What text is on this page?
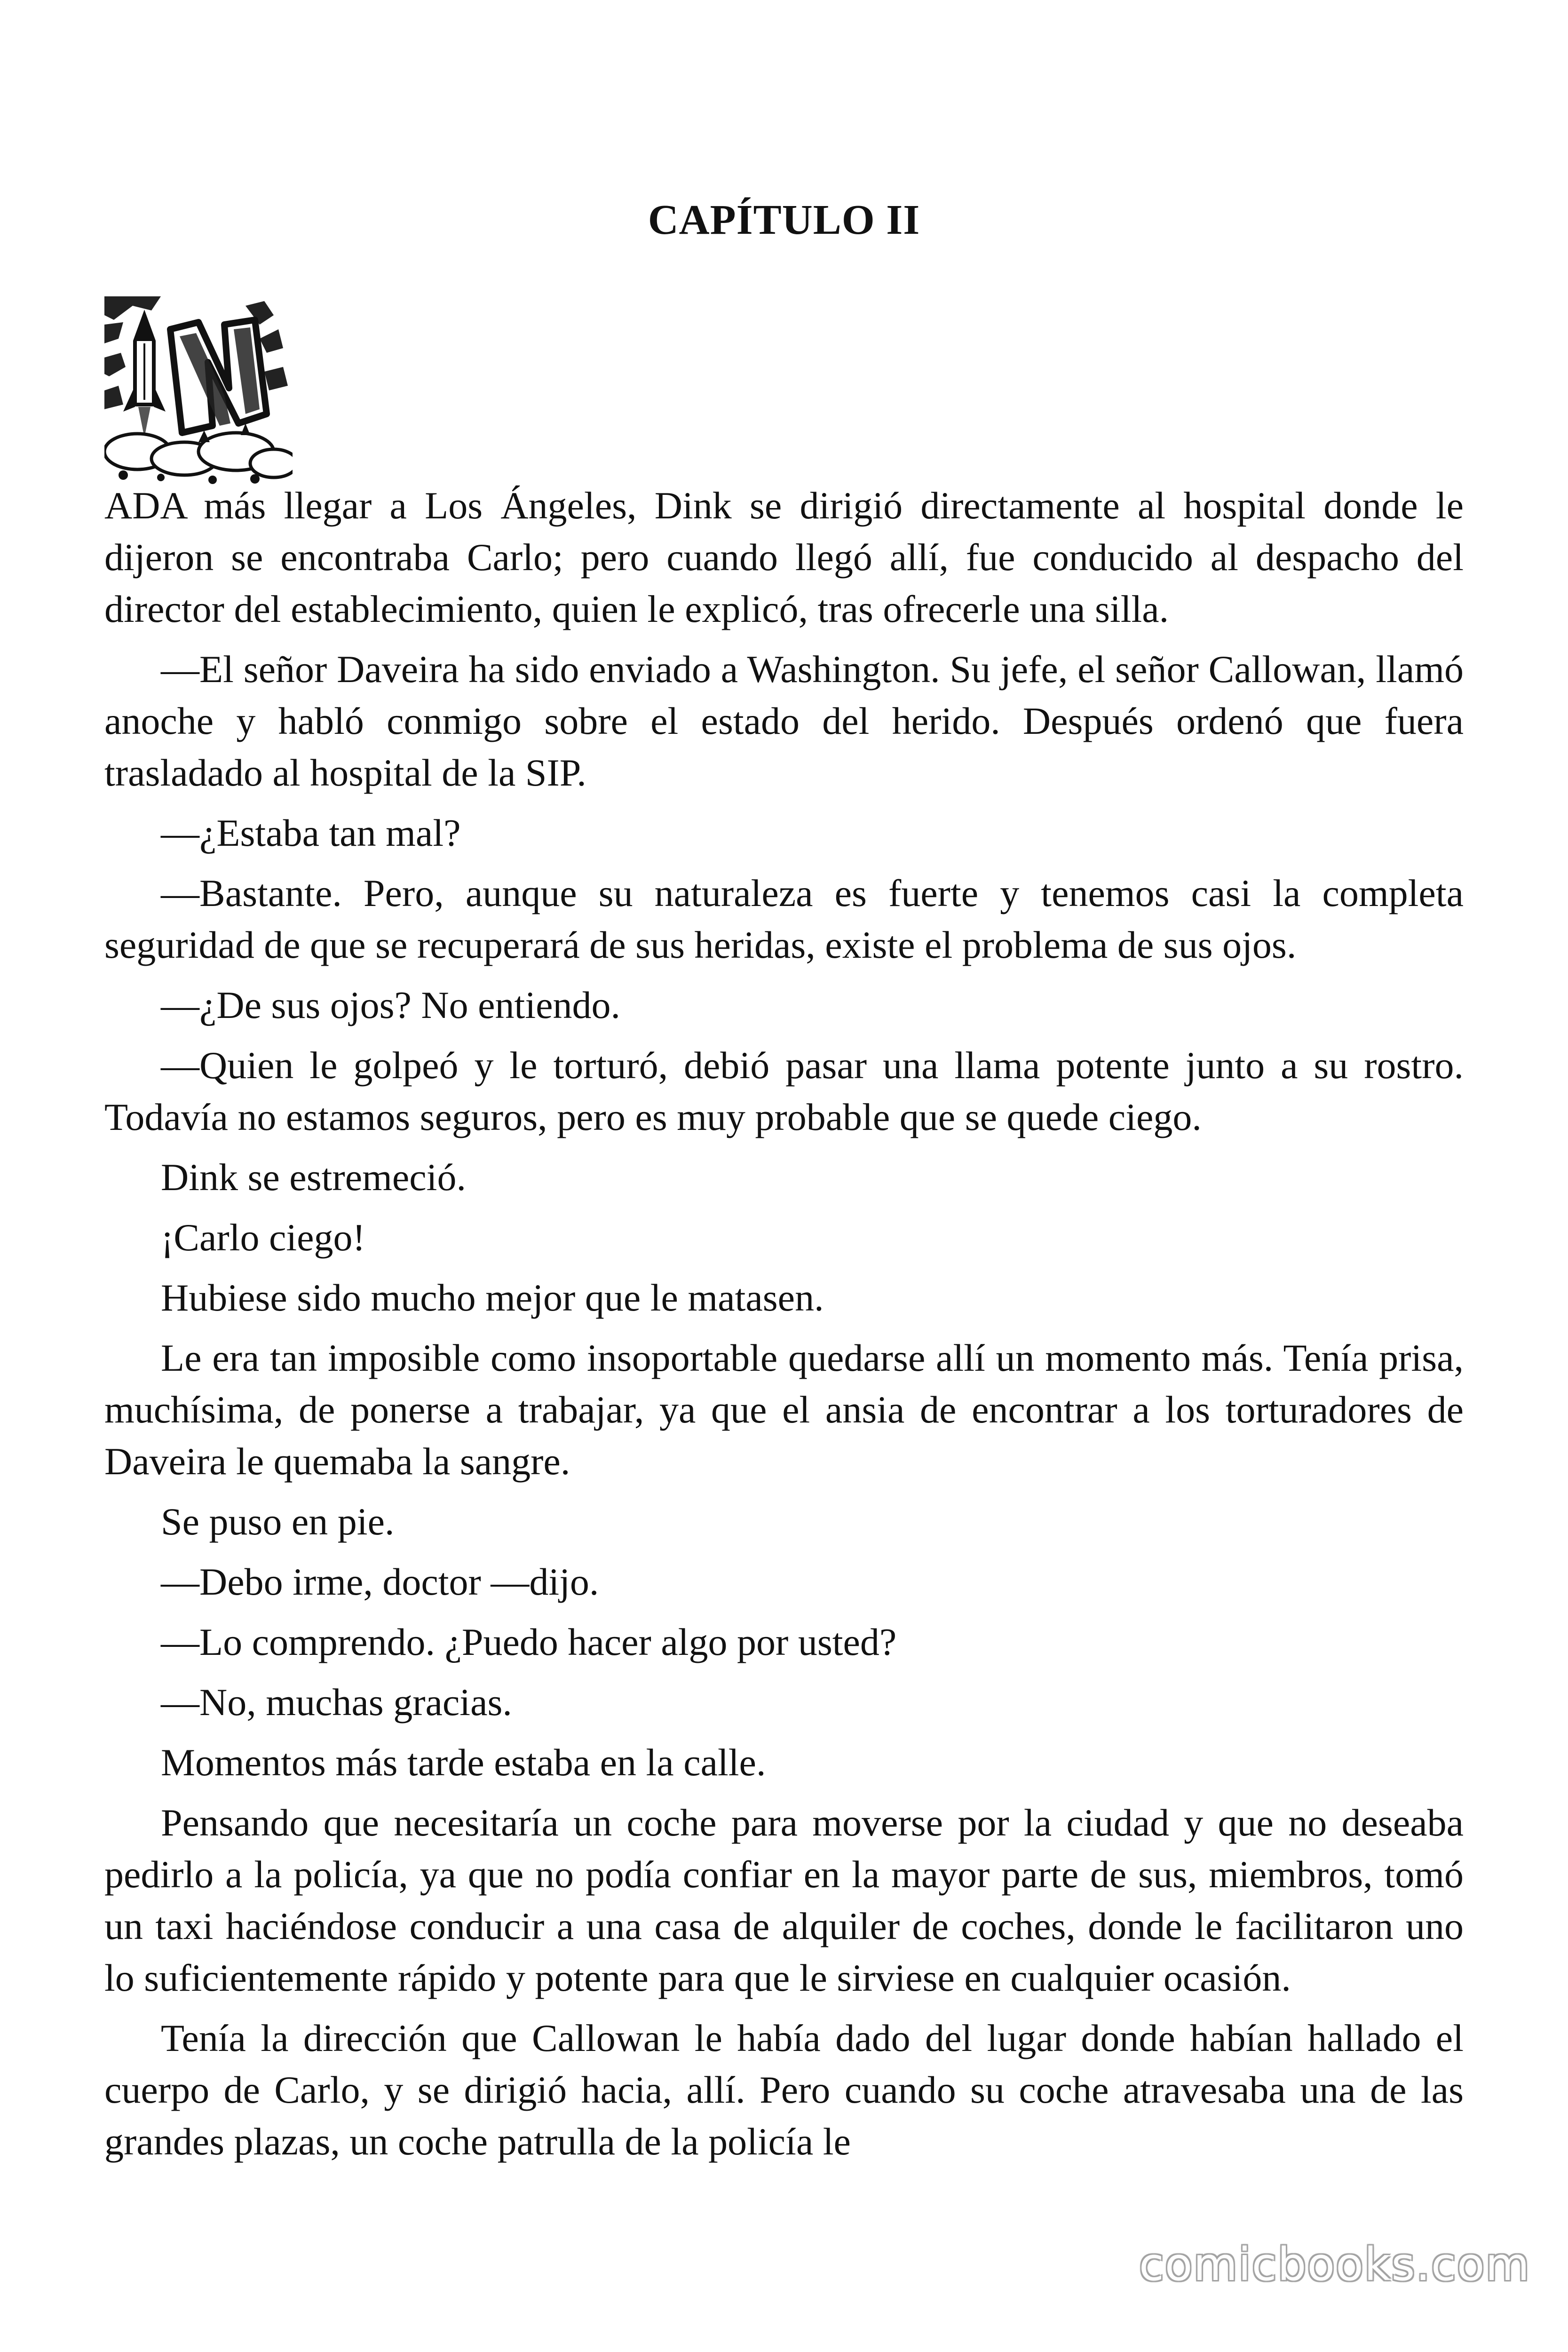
CAPÍTULO II

ADA más llegar a Los Ángeles, Dink se dirigió directamente al hospital donde le dijeron se encontraba Carlo; pero cuando llegó allí, fue conducido al despacho del director del establecimiento, quien le explicó, tras ofrecerle una silla.

—El señor Daveira ha sido enviado a Washington. Su jefe, el señor Callowan, llamó anoche y habló conmigo sobre el estado del herido. Después ordenó que fuera trasladado al hospital de la SIP.

—¿Estaba tan mal?

—Bastante. Pero, aunque su naturaleza es fuerte y tenemos casi la completa seguridad de que se recuperará de sus heridas, existe el problema de sus ojos.

—¿De sus ojos? No entiendo.

—Quien le golpeó y le torturó, debió pasar una llama potente junto a su rostro. Todavía no estamos seguros, pero es muy probable que se quede ciego.

Dink se estremeció.

¡Carlo ciego!

Hubiese sido mucho mejor que le matasen.

Le era tan imposible como insoportable quedarse allí un momento más. Tenía prisa, muchísima, de ponerse a trabajar, ya que el ansia de encontrar a los torturadores de Daveira le quemaba la sangre.

Se puso en pie.

—Debo irme, doctor —dijo.

—Lo comprendo. ¿Puedo hacer algo por usted?

—No, muchas gracias.

Momentos más tarde estaba en la calle.

Pensando que necesitaría un coche para moverse por la ciudad y que no deseaba pedirlo a la policía, ya que no podía confiar en la mayor parte de sus, miembros, tomó un taxi haciéndose conducir a una casa de alquiler de coches, donde le facilitaron uno lo suficientemente rápido y potente para que le sirviese en cualquier ocasión.

Tenía la dirección que Callowan le había dado del lugar donde habían hallado el cuerpo de Carlo, y se dirigió hacia, allí. Pero cuando su coche atravesaba una de las grandes plazas, un coche patrulla de la policía le

comicbooks.com
